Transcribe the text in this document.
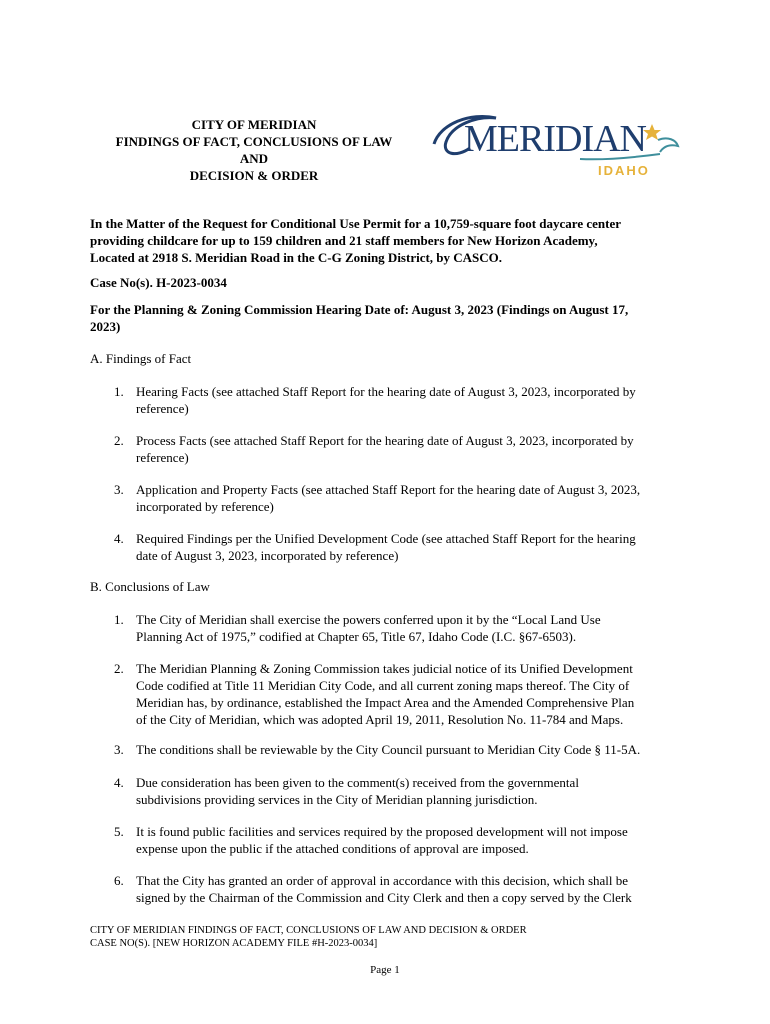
CITY OF MERIDIAN
FINDINGS OF FACT, CONCLUSIONS OF LAW
AND
DECISION & ORDER
MERIDIAN
IDAHO
In the Matter of the Request for Conditional Use Permit for a 10,759-square foot daycare center
providing childcare for up to 159 children and 21 staff members for New Horizon Academy,
Located at 2918 S. Meridian Road in the C-G Zoning District, by CASCO.
Case No(s). H-2023-0034
For the Planning & Zoning Commission Hearing Date of: August 3, 2023 (Findings on August 17,
2023)
A. Findings of Fact
1. Hearing Facts (see attached Staff Report for the hearing date of August 3, 2023, incorporated by
reference)
2. Process Facts (see attached Staff Report for the hearing date of August 3, 2023, incorporated by
reference)
3. Application and Property Facts (see attached Staff Report for the hearing date of August 3, 2023,
incorporated by reference)
4. Required Findings per the Unified Development Code (see attached Staff Report for the hearing
date of August 3, 2023, incorporated by reference)
B. Conclusions of Law
1. The City of Meridian shall exercise the powers conferred upon it by the “Local Land Use
Planning Act of 1975,” codified at Chapter 65, Title 67, Idaho Code (I.C. §67-6503).
2. The Meridian Planning & Zoning Commission takes judicial notice of its Unified Development
Code codified at Title 11 Meridian City Code, and all current zoning maps thereof. The City of
Meridian has, by ordinance, established the Impact Area and the Amended Comprehensive Plan
of the City of Meridian, which was adopted April 19, 2011, Resolution No. 11-784 and Maps.
3. The conditions shall be reviewable by the City Council pursuant to Meridian City Code § 11-5A.
4. Due consideration has been given to the comment(s) received from the governmental
subdivisions providing services in the City of Meridian planning jurisdiction.
5. It is found public facilities and services required by the proposed development will not impose
expense upon the public if the attached conditions of approval are imposed.
6. That the City has granted an order of approval in accordance with this decision, which shall be
signed by the Chairman of the Commission and City Clerk and then a copy served by the Clerk
CITY OF MERIDIAN FINDINGS OF FACT, CONCLUSIONS OF LAW AND DECISION & ORDER
CASE NO(S). [NEW HORIZON ACADEMY FILE #H-2023-0034]
Page 1
